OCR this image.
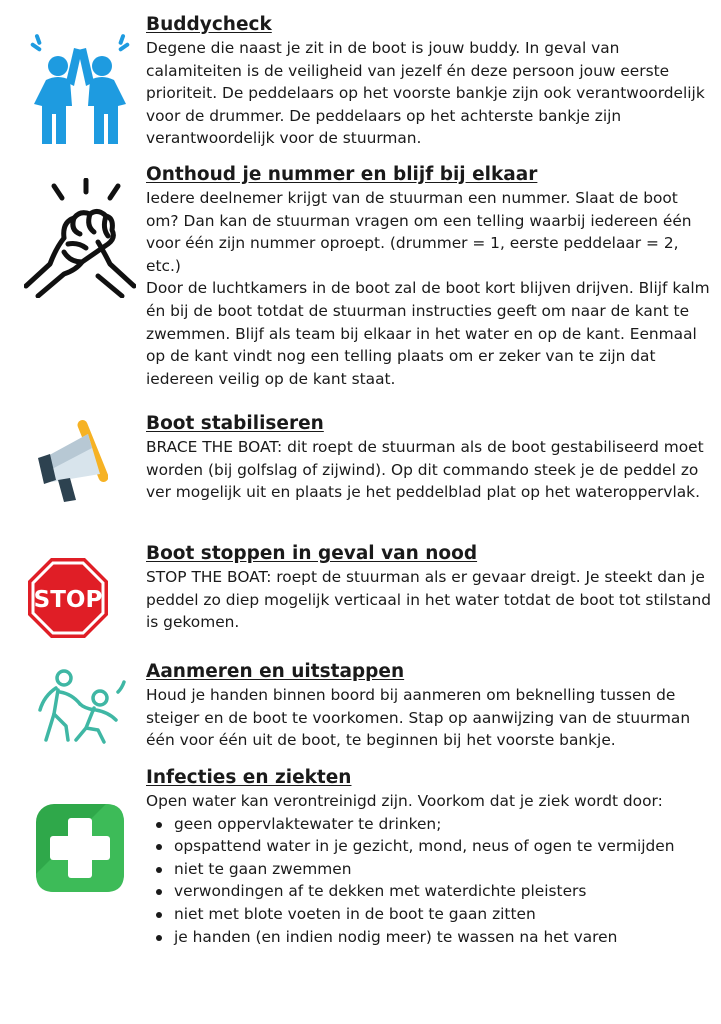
Buddycheck

Degene die naast je zit in de boot is jouw buddy. In geval van calamiteiten is de veiligheid van jezelf én deze persoon jouw eerste prioriteit. De peddelaars op het voorste bankje zijn ook verantwoordelijk voor de drummer. De peddelaars op het achterste bankje zijn verantwoordelijk voor de stuurman.

Onthoud je nummer en blijf bij elkaar

Iedere deelnemer krijgt van de stuurman een nummer. Slaat de boot om? Dan kan de stuurman vragen om een telling waarbij iedereen één voor één zijn nummer oproept. (drummer = 1, eerste peddelaar = 2, etc.)

Door de luchtkamers in de boot zal de boot kort blijven drijven. Blijf kalm én bij de boot totdat de stuurman instructies geeft om naar de kant te zwemmen. Blijf als team bij elkaar in het water en op de kant. Eenmaal op de kant vindt nog een telling plaats om er zeker van te zijn dat iedereen veilig op de kant staat.

Boot stabiliseren

BRACE THE BOAT: dit roept de stuurman als de boot gestabiliseerd moet worden (bij golfslag of zijwind). Op dit commando steek je de peddel zo ver mogelijk uit en plaats je het peddelblad plat op het wateroppervlak.

STOP

Boot stoppen in geval van nood

STOP THE BOAT: roept de stuurman als er gevaar dreigt. Je steekt dan je peddel zo diep mogelijk verticaal in het water totdat de boot tot stilstand is gekomen.

Aanmeren en uitstappen

Houd je handen binnen boord bij aanmeren om beknelling tussen de steiger en de boot te voorkomen. Stap op aanwijzing van de stuurman één voor één uit de boot, te beginnen bij het voorste bankje.

Infecties en ziekten

Open water kan verontreinigd zijn. Voorkom dat je ziek wordt door:

geen oppervlaktewater te drinken;
opspattend water in je gezicht, mond, neus of ogen te vermijden
niet te gaan zwemmen
verwondingen af te dekken met waterdichte pleisters
niet met blote voeten in de boot te gaan zitten
je handen (en indien nodig meer) te wassen na het varen
